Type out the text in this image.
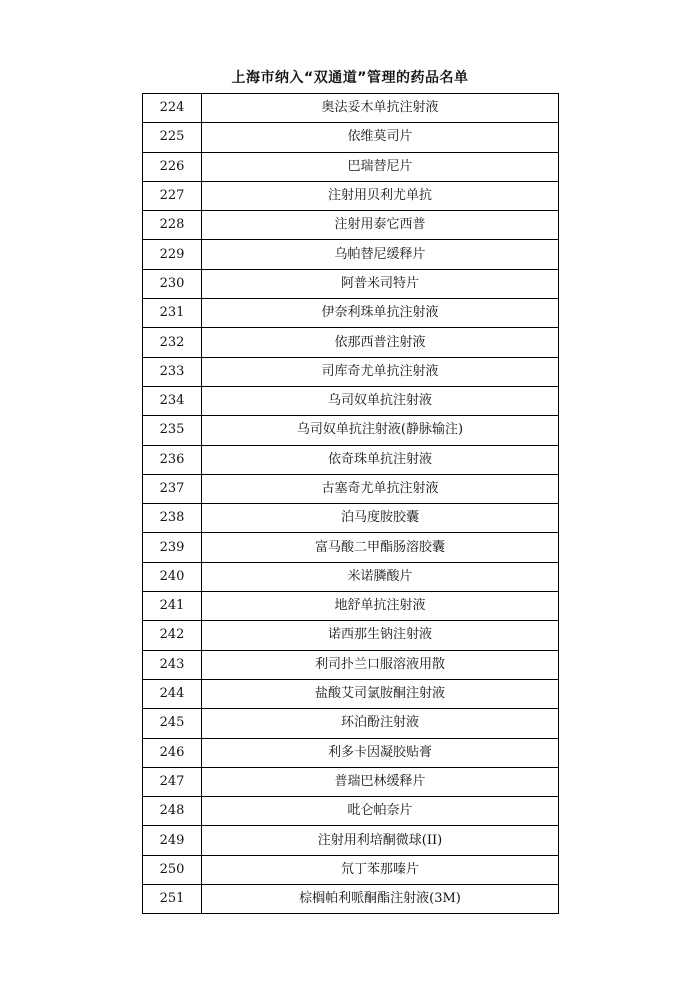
上海市纳入“双通道”管理的药品名单
224	奥法妥木单抗注射液
225	依维莫司片
226	巴瑞替尼片
227	注射用贝利尤单抗
228	注射用泰它西普
229	乌帕替尼缓释片
230	阿普米司特片
231	伊奈利珠单抗注射液
232	依那西普注射液
233	司库奇尤单抗注射液
234	乌司奴单抗注射液
235	乌司奴单抗注射液(静脉输注)
236	依奇珠单抗注射液
237	古塞奇尤单抗注射液
238	泊马度胺胶囊
239	富马酸二甲酯肠溶胶囊
240	米诺膦酸片
241	地舒单抗注射液
242	诺西那生钠注射液
243	利司扑兰口服溶液用散
244	盐酸艾司氯胺酮注射液
245	环泊酚注射液
246	利多卡因凝胶贴膏
247	普瑞巴林缓释片
248	吡仑帕奈片
249	注射用利培酮微球(II)
250	氘丁苯那嗪片
251	棕榈帕利哌酮酯注射液(3M)
